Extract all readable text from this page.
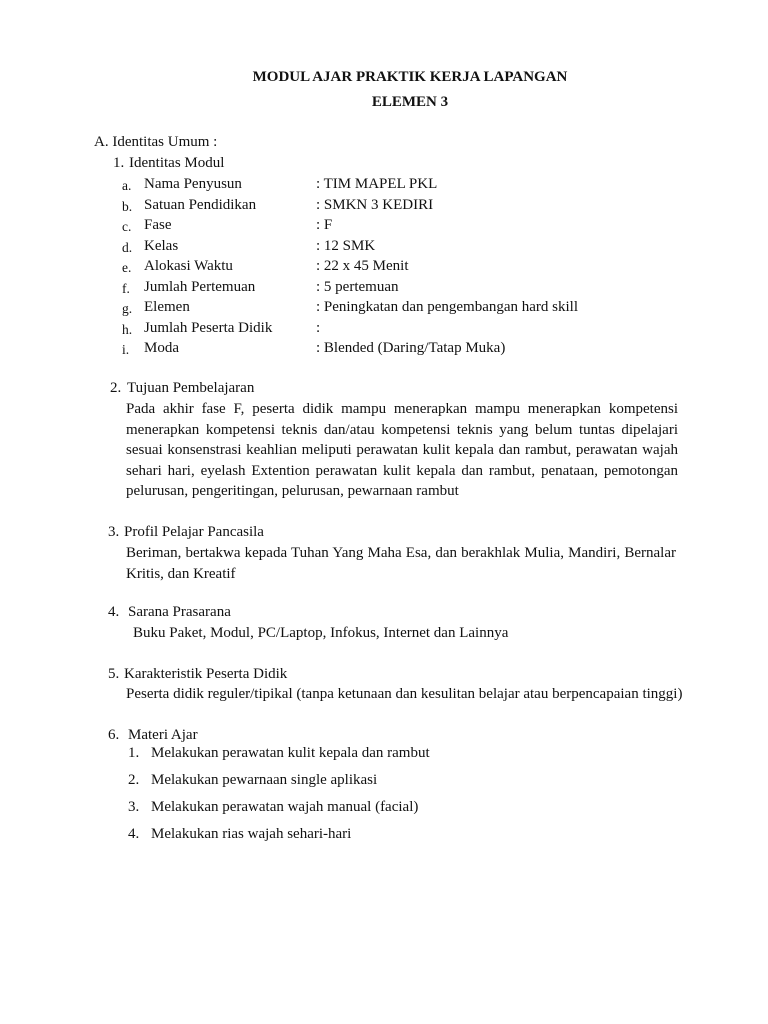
MODUL AJAR PRAKTIK KERJA LAPANGAN
ELEMEN 3
A. Identitas Umum :
1. Identitas Modul
a. Nama Penyusun	: TIM MAPEL PKL
b. Satuan Pendidikan	: SMKN 3 KEDIRI
c. Fase	: F
d. Kelas	: 12 SMK
e. Alokasi Waktu	: 22 x 45 Menit
f. Jumlah Pertemuan	: 5 pertemuan
g. Elemen	: Peningkatan dan pengembangan hard skill
h. Jumlah Peserta Didik	:
i. Moda	: Blended (Daring/Tatap Muka)
2. Tujuan Pembelajaran

Pada akhir fase F, peserta didik mampu menerapkan mampu menerapkan kompetensi menerapkan kompetensi teknis dan/atau kompetensi teknis yang belum tuntas dipelajari sesuai konsenstrasi keahlian meliputi perawatan kulit kepala dan rambut, perawatan wajah sehari hari, eyelash Extention perawatan kulit kepala dan rambut, penataan, pemotongan pelurusan, pengeritingan, pelurusan, pewarnaan rambut

3. Profil Pelajar Pancasila

Beriman, bertakwa kepada Tuhan Yang Maha Esa, dan berakhlak Mulia, Mandiri, Bernalar Kritis, dan Kreatif

4. Sarana Prasarana
Buku Paket, Modul, PC/Laptop, Infokus, Internet dan Lainnya
5. Karakteristik Peserta Didik
Peserta didik reguler/tipikal (tanpa ketunaan dan kesulitan belajar atau berpencapaian tinggi)
6. Materi Ajar
1. Melakukan perawatan kulit kepala dan rambut
2. Melakukan pewarnaan single aplikasi
3. Melakukan perawatan wajah manual (facial)
4. Melakukan rias wajah sehari-hari
